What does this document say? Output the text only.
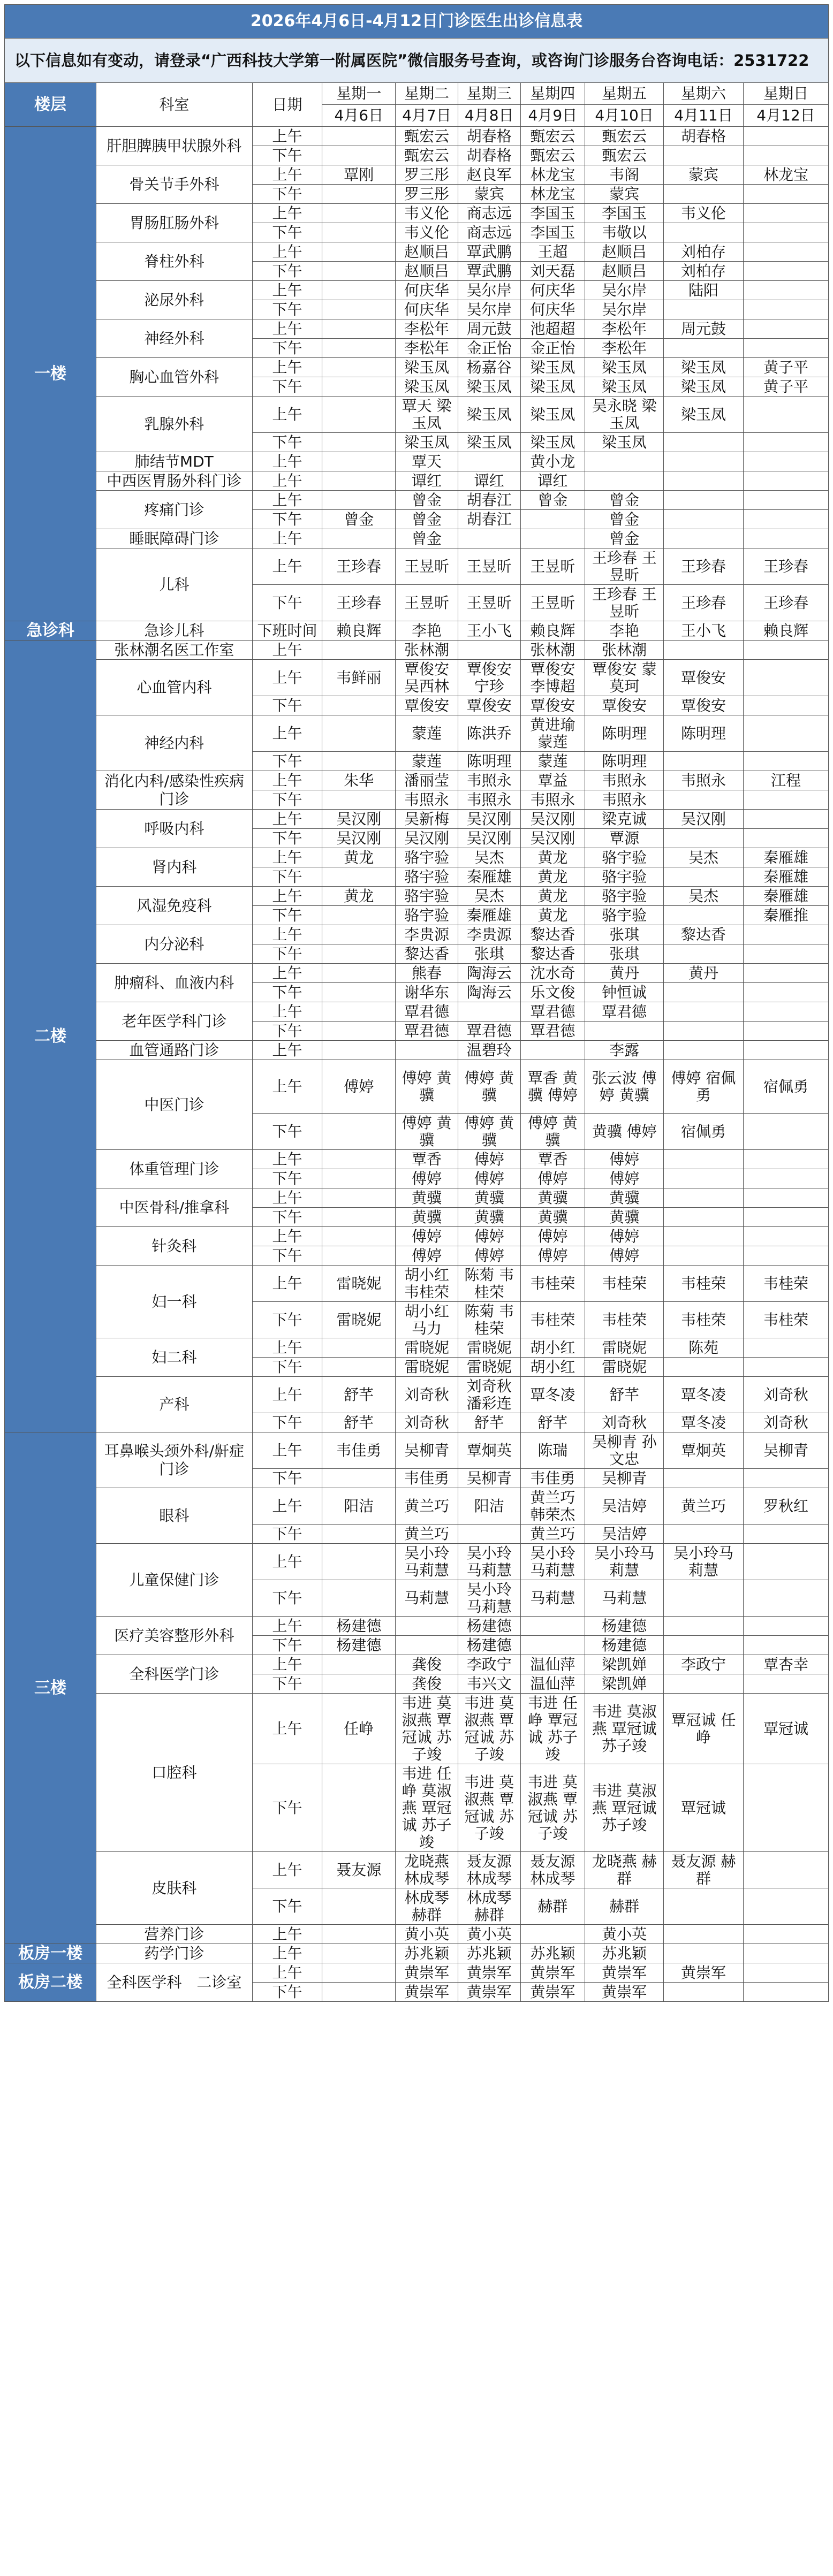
2026年4月6日-4月12日门诊医生出诊信息表									
以下信息如有变动，请登录“广西科技大学第一附属医院”微信服务号查询，或咨询门诊服务台咨询电话：2531722									
楼层	科室	日期	星期一	星期二	星期三	星期四	星期五	星期六	星期日
			4月6日	4月7日	4月8日	4月9日	4月10日	4月11日	4月12日
一楼	肝胆脾胰甲状腺外科	上午		甄宏云	胡春格	甄宏云	甄宏云	胡春格	
		下午		甄宏云	胡春格	甄宏云	甄宏云		
	骨关节手外科	上午	覃刚	罗三彤	赵良军	林龙宝	韦阁	蒙宾	林龙宝
		下午		罗三彤	蒙宾	林龙宝	蒙宾		
	胃肠肛肠外科	上午		韦义伦	商志远	李国玉	李国玉	韦义伦	
		下午		韦义伦	商志远	李国玉	韦敬以		
	脊柱外科	上午		赵顺吕	覃武鹏	王超	赵顺吕	刘柏存	
		下午		赵顺吕	覃武鹏	刘天磊	赵顺吕	刘柏存	
	泌尿外科	上午		何庆华	吴尔岸	何庆华	吴尔岸	陆阳	
		下午		何庆华	吴尔岸	何庆华	吴尔岸		
	神经外科	上午		李松年	周元鼓	池超超	李松年	周元鼓	
		下午		李松年	金正怡	金正怡	李松年		
	胸心血管外科	上午		梁玉凤	杨嘉谷	梁玉凤	梁玉凤	梁玉凤	黄子平
		下午		梁玉凤	梁玉凤	梁玉凤	梁玉凤	梁玉凤	黄子平
	乳腺外科	上午		覃天 梁玉凤	梁玉凤	梁玉凤	吴永晓 梁玉凤	梁玉凤	
		下午		梁玉凤	梁玉凤	梁玉凤	梁玉凤		
	肺结节MDT	上午		覃天		黄小龙			
	中西医胃肠外科门诊	上午		谭红	谭红	谭红			
	疼痛门诊	上午		曾金	胡春江	曾金	曾金		
		下午	曾金	曾金	胡春江		曾金		
	睡眠障碍门诊	上午		曾金			曾金		
	儿科	上午	王珍春	王昱昕	王昱昕	王昱昕	王珍春 王昱昕	王珍春	王珍春
		下午	王珍春	王昱昕	王昱昕	王昱昕	王珍春 王昱昕	王珍春	王珍春
急诊科	急诊儿科	下班时间	赖良辉	李艳	王小飞	赖良辉	李艳	王小飞	赖良辉
二楼	张林潮名医工作室	上午		张林潮		张林潮	张林潮		
	心血管内科	上午	韦鲜丽	覃俊安 吴西林	覃俊安 宁珍	覃俊安 李博超	覃俊安 蒙莫珂	覃俊安	
		下午		覃俊安	覃俊安	覃俊安	覃俊安	覃俊安	
	神经内科	上午		蒙莲	陈洪乔	黄进瑜 蒙莲	陈明理	陈明理	
		下午		蒙莲	陈明理	蒙莲	陈明理		
	消化内科/感染性疾病门诊	上午	朱华	潘丽莹	韦照永	覃益	韦照永	韦照永	江程
		下午		韦照永	韦照永	韦照永	韦照永		
	呼吸内科	上午	吴汉刚	吴新梅	吴汉刚	吴汉刚	梁克诚	吴汉刚	
		下午	吴汉刚	吴汉刚	吴汉刚	吴汉刚	覃源		
	肾内科	上午	黄龙	骆宇验	吴杰	黄龙	骆宇验	吴杰	秦雁雄
		下午		骆宇验	秦雁雄	黄龙	骆宇验		秦雁雄
	风湿免疫科	上午	黄龙	骆宇验	吴杰	黄龙	骆宇验	吴杰	秦雁雄
		下午		骆宇验	秦雁雄	黄龙	骆宇验		秦雁推
	内分泌科	上午		李贵源	李贵源	黎达香	张琪	黎达香	
		下午		黎达香	张琪	黎达香	张琪		
	肿瘤科、血液内科	上午		熊春	陶海云	沈水奇	黄丹	黄丹	
		下午		谢华东	陶海云	乐文俊	钟恒诚		
	老年医学科门诊	上午		覃君德		覃君德	覃君德		
		下午		覃君德	覃君德	覃君德			
	血管通路门诊	上午			温碧玲		李露		
	中医门诊	上午	傅婷	傅婷 黄骥	傅婷 黄骥	覃香 黄骥 傅婷	张云波 傅婷 黄骥	傅婷 宿佩勇	宿佩勇
		下午		傅婷 黄骥	傅婷 黄骥	傅婷 黄骥	黄骥 傅婷	宿佩勇	
	体重管理门诊	上午		覃香	傅婷	覃香	傅婷		
		下午		傅婷	傅婷	傅婷	傅婷		
	中医骨科/推拿科	上午		黄骥	黄骥	黄骥	黄骥		
		下午		黄骥	黄骥	黄骥	黄骥		
	针灸科	上午		傅婷	傅婷	傅婷	傅婷		
		下午		傅婷	傅婷	傅婷	傅婷		
	妇一科	上午	雷晓妮	胡小红 韦桂荣	陈菊 韦桂荣	韦桂荣	韦桂荣	韦桂荣	韦桂荣
		下午	雷晓妮	胡小红 马力	陈菊 韦桂荣	韦桂荣	韦桂荣	韦桂荣	韦桂荣
	妇二科	上午		雷晓妮	雷晓妮	胡小红	雷晓妮	陈苑	
		下午		雷晓妮	雷晓妮	胡小红	雷晓妮		
	产科	上午	舒芊	刘奇秋	刘奇秋 潘彩连	覃冬凌	舒芊	覃冬凌	刘奇秋
		下午	舒芊	刘奇秋	舒芊	舒芊	刘奇秋	覃冬凌	刘奇秋
三楼	耳鼻喉头颈外科/鼾症门诊	上午	韦佳勇	吴柳青	覃炯英	陈瑞	吴柳青 孙文忠	覃炯英	吴柳青
		下午		韦佳勇	吴柳青	韦佳勇	吴柳青		
	眼科	上午	阳洁	黄兰巧	阳洁	黄兰巧 韩荣杰	吴洁婷	黄兰巧	罗秋红
		下午		黄兰巧		黄兰巧	吴洁婷		
	儿童保健门诊	上午		吴小玲 马莉慧	吴小玲 马莉慧	吴小玲 马莉慧	吴小玲马莉慧	吴小玲马莉慧	
		下午		马莉慧	吴小玲 马莉慧	马莉慧	马莉慧		
	医疗美容整形外科	上午	杨建德		杨建德		杨建德		
		下午	杨建德		杨建德		杨建德		
	全科医学门诊	上午		龚俊	李政宁	温仙萍	梁凯婵	李政宁	覃杏幸
		下午		龚俊	韦兴文	温仙萍	梁凯婵		
	口腔科	上午	任峥	韦进 莫淑燕 覃冠诚 苏子竣	韦进 莫淑燕 覃冠诚 苏子竣	韦进 任峥 覃冠诚 苏子竣	韦进 莫淑燕 覃冠诚 苏子竣	覃冠诚 任峥	覃冠诚
		下午		韦进 任峥 莫淑燕 覃冠诚 苏子竣	韦进 莫淑燕 覃冠诚 苏子竣	韦进 莫淑燕 覃冠诚 苏子竣	韦进 莫淑燕 覃冠诚 苏子竣	覃冠诚	
	皮肤科	上午	聂友源	龙晓燕 林成琴	聂友源 林成琴	聂友源 林成琴	龙晓燕 赫群	聂友源 赫群	
		下午		林成琴 赫群	林成琴 赫群	赫群	赫群		
	营养门诊	上午		黄小英	黄小英		黄小英		
板房一楼	药学门诊	上午		苏兆颖	苏兆颖	苏兆颖	苏兆颖		
板房二楼	全科医学科　二诊室	上午		黄崇军	黄崇军	黄崇军	黄崇军	黄崇军	
		下午		黄崇军	黄崇军	黄崇军	黄崇军		
